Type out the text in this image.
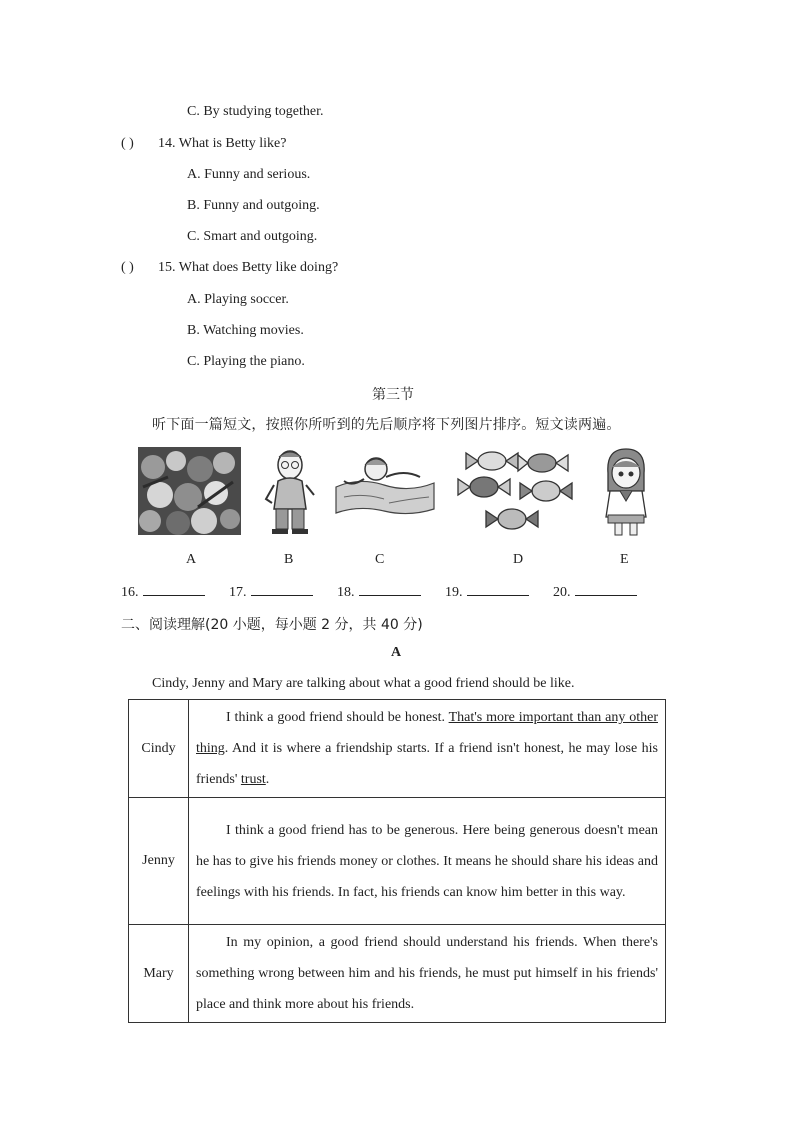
C. By studying together.
( ) 14. What is Betty like?
A. Funny and serious.
B. Funny and outgoing.
C. Smart and outgoing.
( ) 15. What does Betty like doing?
A. Playing soccer.
B. Watching movies.
C. Playing the piano.
第三节
听下面一篇短文，按照你所听到的先后顺序将下列图片排序。短文读两遍。
A	B	C	D	E
16.	17.	18.	19.	20.
二、阅读理解(20 小题，每小题 2 分，共 40 分)
A
Cindy, Jenny and Mary are talking about what a good friend should be like.
Cindy	I think a good friend should be honest. That's more important than any other thing. And it is where a friendship starts. If a friend isn't honest, he may lose his friends' trust.
Jenny	I think a good friend has to be generous. Here being generous doesn't mean he has to give his friends money or clothes. It means he should share his ideas and feelings with his friends. In fact, his friends can know him better in this way.
Mary	In my opinion, a good friend should understand his friends. When there's something wrong between him and his friends, he must put himself in his friends' place and think more about his friends.
